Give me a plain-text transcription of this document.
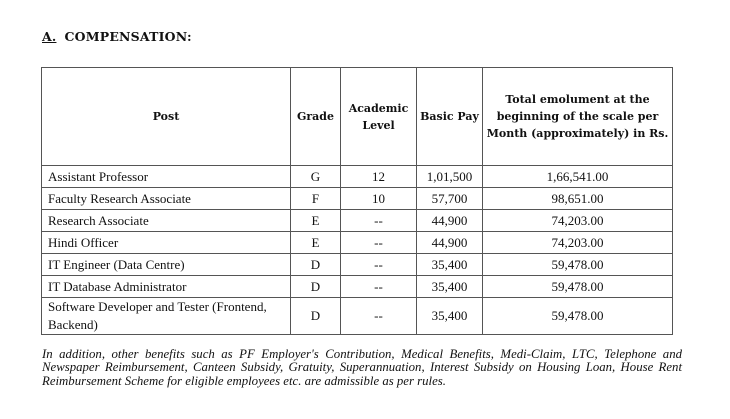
A. COMPENSATION:
Post	Grade	Academic Level	Basic Pay	Total emolument at the beginning of the scale per Month (approximately) in Rs.
Assistant Professor	G	12	1,01,500	1,66,541.00
Faculty Research Associate	F	10	57,700	98,651.00
Research Associate	E	--	44,900	74,203.00
Hindi Officer	E	--	44,900	74,203.00
IT Engineer (Data Centre)	D	--	35,400	59,478.00
IT Database Administrator	D	--	35,400	59,478.00
Software Developer and Tester (Frontend, Backend)	D	--	35,400	59,478.00
In addition, other benefits such as PF Employer's Contribution, Medical Benefits, Medi-Claim, LTC, Telephone and Newspaper Reimbursement, Canteen Subsidy, Gratuity, Superannuation, Interest Subsidy on Housing Loan, House Rent Reimbursement Scheme for eligible employees etc. are admissible as per rules.
